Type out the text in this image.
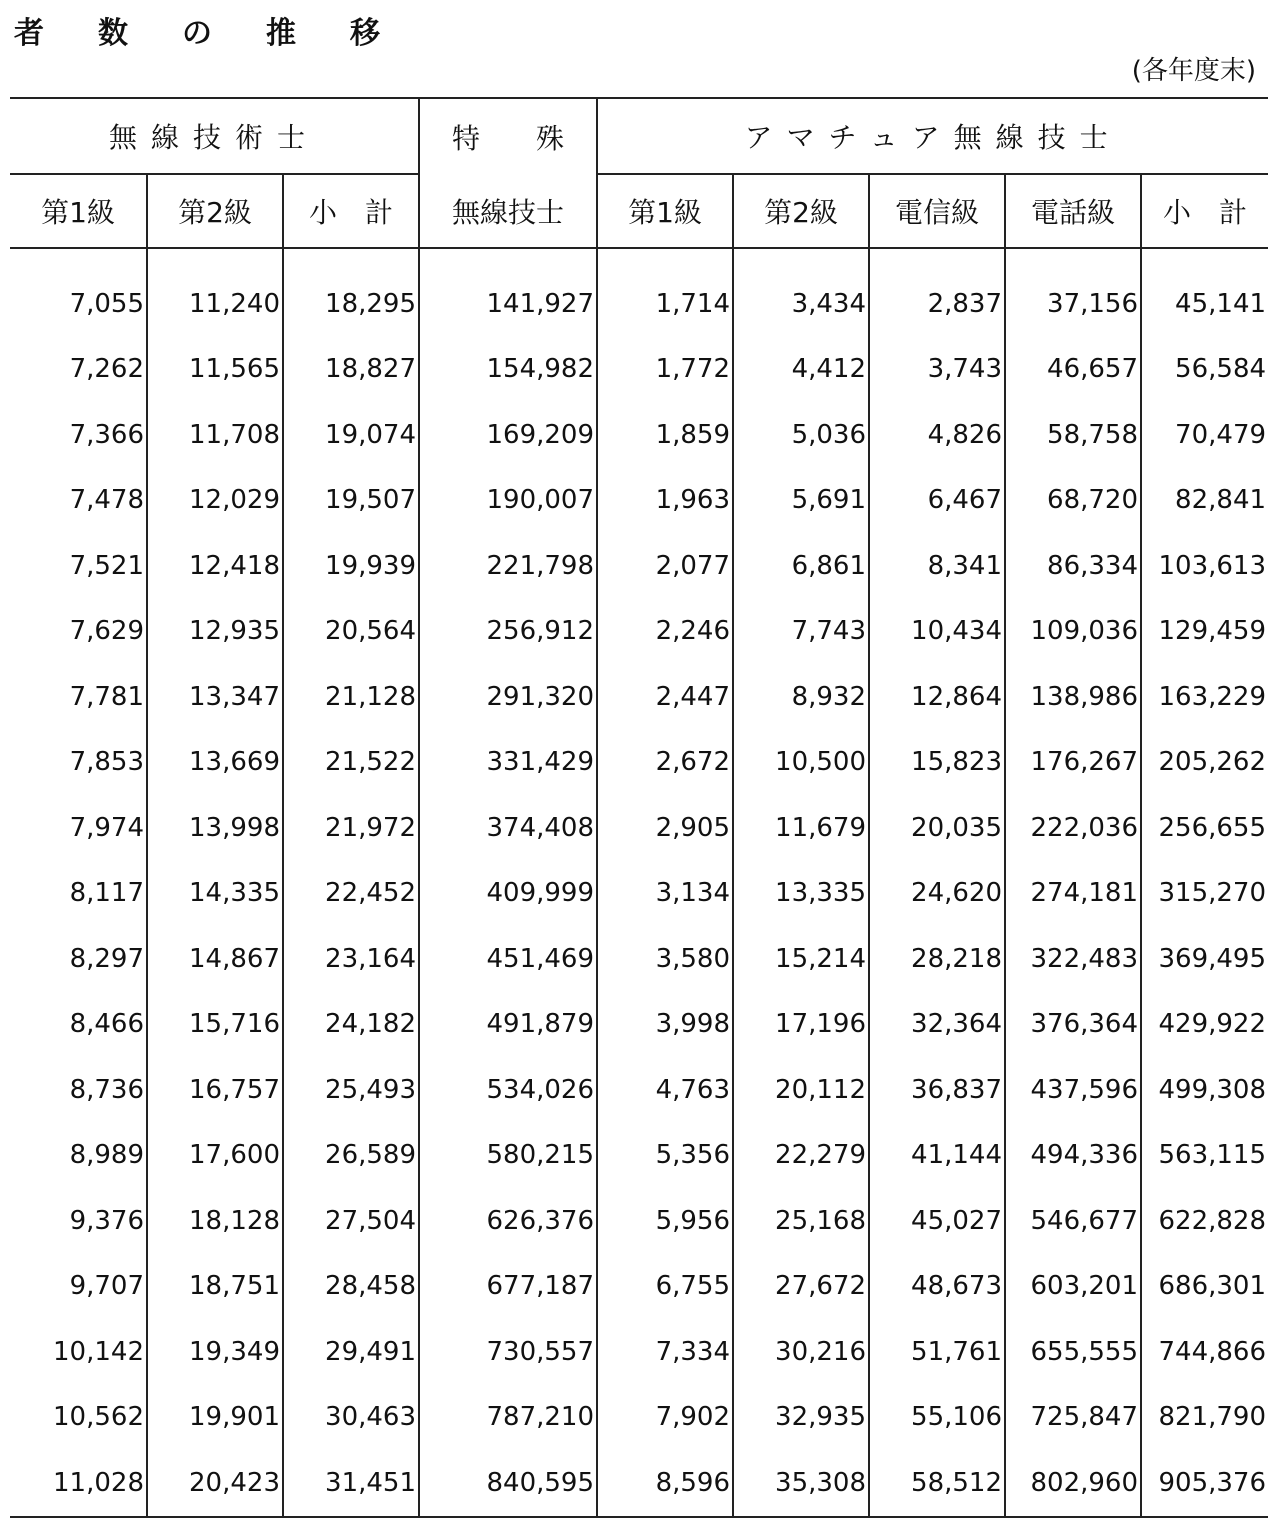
者数の推移
(各年度末)
無線技術士			特　　殊	アマチュア無線技士				
第1級	第2級	小　計	無線技士	第1級	第2級	電信級	電話級	小　計
7,055	11,240	18,295	141,927	1,714	3,434	2,837	37,156	45,141
7,262	11,565	18,827	154,982	1,772	4,412	3,743	46,657	56,584
7,366	11,708	19,074	169,209	1,859	5,036	4,826	58,758	70,479
7,478	12,029	19,507	190,007	1,963	5,691	6,467	68,720	82,841
7,521	12,418	19,939	221,798	2,077	6,861	8,341	86,334	103,613
7,629	12,935	20,564	256,912	2,246	7,743	10,434	109,036	129,459
7,781	13,347	21,128	291,320	2,447	8,932	12,864	138,986	163,229
7,853	13,669	21,522	331,429	2,672	10,500	15,823	176,267	205,262
7,974	13,998	21,972	374,408	2,905	11,679	20,035	222,036	256,655
8,117	14,335	22,452	409,999	3,134	13,335	24,620	274,181	315,270
8,297	14,867	23,164	451,469	3,580	15,214	28,218	322,483	369,495
8,466	15,716	24,182	491,879	3,998	17,196	32,364	376,364	429,922
8,736	16,757	25,493	534,026	4,763	20,112	36,837	437,596	499,308
8,989	17,600	26,589	580,215	5,356	22,279	41,144	494,336	563,115
9,376	18,128	27,504	626,376	5,956	25,168	45,027	546,677	622,828
9,707	18,751	28,458	677,187	6,755	27,672	48,673	603,201	686,301
10,142	19,349	29,491	730,557	7,334	30,216	51,761	655,555	744,866
10,562	19,901	30,463	787,210	7,902	32,935	55,106	725,847	821,790
11,028	20,423	31,451	840,595	8,596	35,308	58,512	802,960	905,376
